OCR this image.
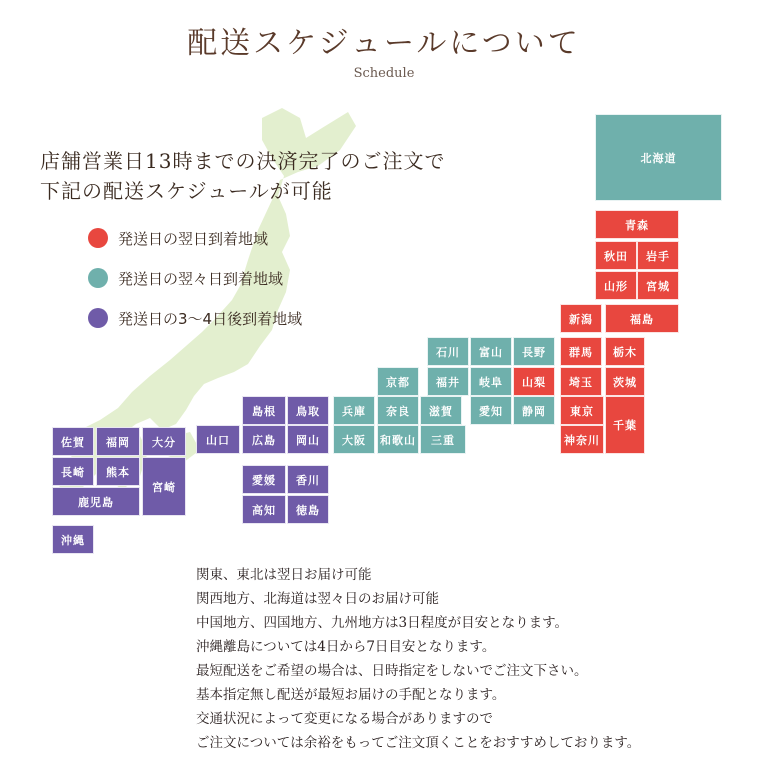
配送スケジュールについて
Schedule
店舗営業日13時までの決済完了のご注文で
下記の配送スケジュールが可能
発送日の翌日到着地域
発送日の翌々日到着地域
発送日の3〜4日後到着地域
北海道
青森
秋田	岩手
山形	宮城
新潟	福島
石川	富山	長野	群馬	栃木
京都	福井	岐阜	山梨	埼玉	茨城
島根	鳥取	兵庫	奈良	滋賀	愛知	静岡	東京
千葉
神奈川
山口	広島	岡山	大阪	和歌山	三重
佐賀	福岡	大分
長崎	熊本
宮崎
鹿児島
沖縄
愛媛	香川
高知	徳島
関東、東北は翌日お届け可能
関西地方、北海道は翌々日のお届け可能
中国地方、四国地方、九州地方は3日程度が目安となります。
沖縄離島については4日から7日目安となります。
最短配送をご希望の場合は、日時指定をしないでご注文下さい。
基本指定無し配送が最短お届けの手配となります。
交通状況によって変更になる場合がありますので
ご注文については余裕をもってご注文頂くことをおすすめしております。
